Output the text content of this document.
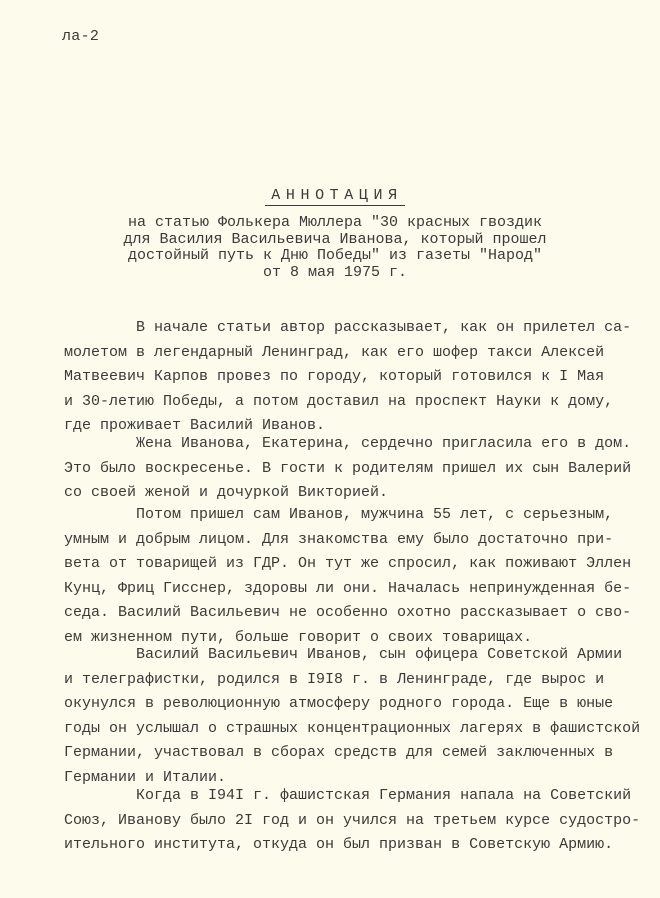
ла-2
АННОТАЦИЯ
на статью Фолькера Мюллера "30 красных гвоздик
для Василия Васильевича Иванова, который прошел
достойный путь к Дню Победы" из газеты "Народ"
от 8 мая 1975 г.
В начале статьи автор рассказывает, как он прилетел са-
молетом в легендарный Ленинград, как его шофер такси Алексей
Матвеевич Карпов провез по городу, который готовился к I Мая
и 30-летию Победы, а потом доставил на проспект Науки к дому,
где проживает Василий Иванов.
Жена Иванова, Екатерина, сердечно пригласила его в дом.
Это было воскресенье. В гости к родителям пришел их сын Валерий
со своей женой и дочуркой Викторией.
Потом пришел сам Иванов, мужчина 55 лет, с серьезным,
умным и добрым лицом. Для знакомства ему было достаточно при-
вета от товарищей из ГДР. Он тут же спросил, как поживают Эллен
Кунц, Фриц Гисснер, здоровы ли они. Началась непринужденная бе-
седа. Василий Васильевич не особенно охотно рассказывает о сво-
ем жизненном пути, больше говорит о своих товарищах.
Василий Васильевич Иванов, сын офицера Советской Армии
и телеграфистки, родился в I9I8 г. в Ленинграде, где вырос и
окунулся в революционную атмосферу родного города. Еще в юные
годы он услышал о страшных концентрационных лагерях в фашистской
Германии, участвовал в сборах средств для семей заключенных в
Германии и Италии.
Когда в I94I г. фашистская Германия напала на Советский
Союз, Иванову было 2I год и он учился на третьем курсе судостро-
ительного института, откуда он был призван в Советскую Армию.
